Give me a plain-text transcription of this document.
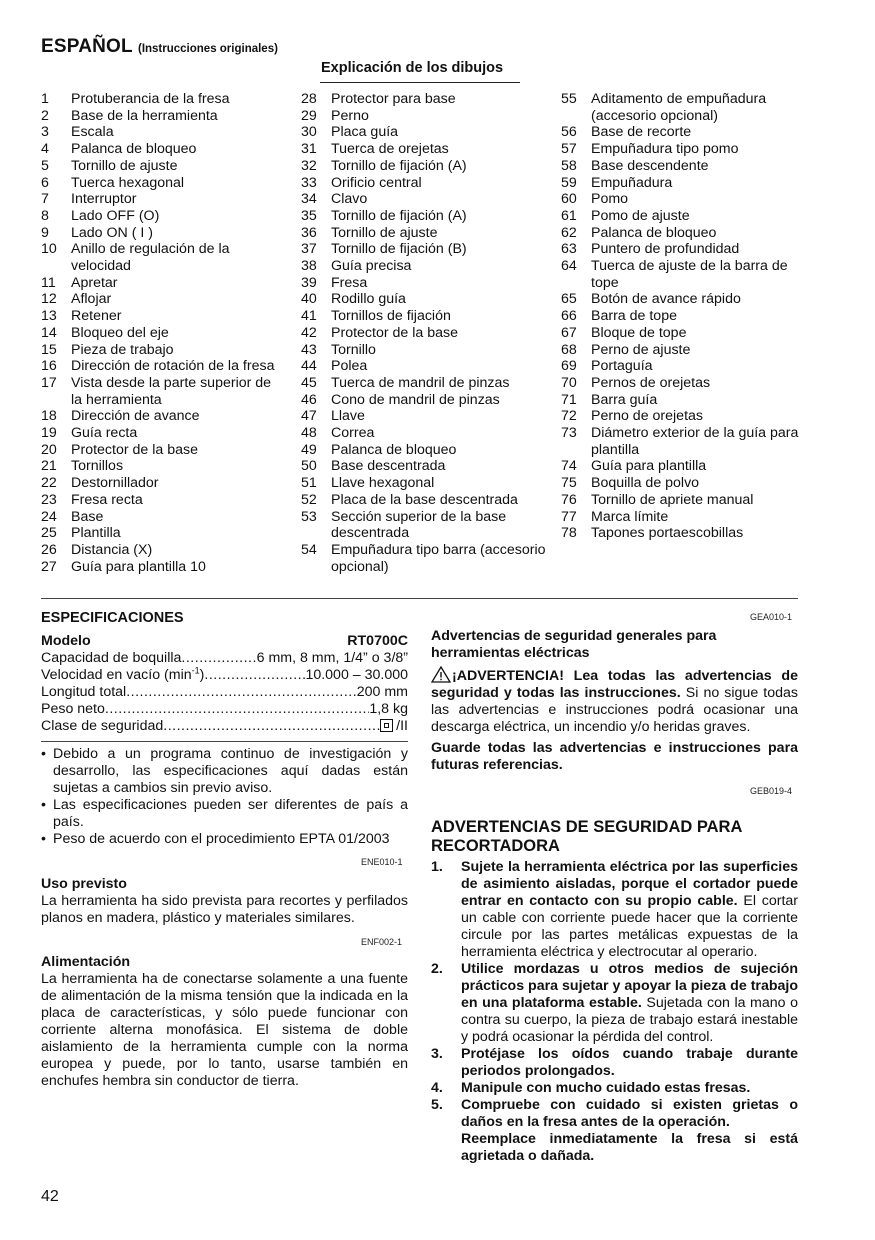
ESPAÑOL (Instrucciones originales)
Explicación de los dibujos
1	Protuberancia de la fresa
2	Base de la herramienta
3	Escala
4	Palanca de bloqueo
5	Tornillo de ajuste
6	Tuerca hexagonal
7	Interruptor
8	Lado OFF (O)
9	Lado ON ( I )
10	Anillo de regulación de la velocidad
11	Apretar
12	Aflojar
13	Retener
14	Bloqueo del eje
15	Pieza de trabajo
16	Dirección de rotación de la fresa
17	Vista desde la parte superior de la herramienta
18	Dirección de avance
19	Guía recta
20	Protector de la base
21	Tornillos
22	Destornillador
23	Fresa recta
24	Base
25	Plantilla
26	Distancia (X)
27	Guía para plantilla 10
28	Protector para base
29	Perno
30	Placa guía
31	Tuerca de orejetas
32	Tornillo de fijación (A)
33	Orificio central
34	Clavo
35	Tornillo de fijación (A)
36	Tornillo de ajuste
37	Tornillo de fijación (B)
38	Guía precisa
39	Fresa
40	Rodillo guía
41	Tornillos de fijación
42	Protector de la base
43	Tornillo
44	Polea
45	Tuerca de mandril de pinzas
46	Cono de mandril de pinzas
47	Llave
48	Correa
49	Palanca de bloqueo
50	Base descentrada
51	Llave hexagonal
52	Placa de la base descentrada
53	Sección superior de la base descentrada
54	Empuñadura tipo barra (accesorio opcional)
55	Aditamento de empuñadura (accesorio opcional)
56	Base de recorte
57	Empuñadura tipo pomo
58	Base descendente
59	Empuñadura
60	Pomo
61	Pomo de ajuste
62	Palanca de bloqueo
63	Puntero de profundidad
64	Tuerca de ajuste de la barra de tope
65	Botón de avance rápido
66	Barra de tope
67	Bloque de tope
68	Perno de ajuste
69	Portaguía
70	Pernos de orejetas
71	Barra guía
72	Perno de orejetas
73	Diámetro exterior de la guía para plantilla
74	Guía para plantilla
75	Boquilla de polvo
76	Tornillo de apriete manual
77	Marca límite
78	Tapones portaescobillas
ESPECIFICACIONES
Modelo	RT0700C
Capacidad de boquilla .....	6 mm, 8 mm, 1/4” o 3/8”
Velocidad en vacío $(\min^{-1})$ .....	10.000 – 30.000
Longitud total .....	200 mm
Peso neto .....	1,8 kg
Clase de seguridad .....	/II
• Debido a un programa continuo de investigación y desarrollo, las especificaciones aquí dadas están sujetas a cambios sin previo aviso.
• Las especificaciones pueden ser diferentes de país a país.
• Peso de acuerdo con el procedimiento EPTA 01/2003
ENE010-1
Uso previsto
La herramienta ha sido prevista para recortes y perfilados planos en madera, plástico y materiales similares.
ENF002-1
Alimentación
La herramienta ha de conectarse solamente a una fuente de alimentación de la misma tensión que la indicada en la placa de características, y sólo puede funcionar con corriente alterna monofásica. El sistema de doble aislamiento de la herramienta cumple con la norma europea y puede, por lo tanto, usarse también en enchufes hembra sin conductor de tierra.
GEA010-1
Advertencias de seguridad generales para herramientas eléctricas
¡ADVERTENCIA! Lea todas las advertencias de seguridad y todas las instrucciones. Si no sigue todas las advertencias e instrucciones podrá ocasionar una descarga eléctrica, un incendio y/o heridas graves.
Guarde todas las advertencias e instrucciones para futuras referencias.
GEB019-4
ADVERTENCIAS DE SEGURIDAD PARA RECORTADORA
1.	Sujete la herramienta eléctrica por las superficies de asimiento aisladas, porque el cortador puede entrar en contacto con su propio cable. El cortar un cable con corriente puede hacer que la corriente circule por las partes metálicas expuestas de la herramienta eléctrica y electrocutar al operario.
2.	Utilice mordazas u otros medios de sujeción prácticos para sujetar y apoyar la pieza de trabajo en una plataforma estable. Sujetada con la mano o contra su cuerpo, la pieza de trabajo estará inestable y podrá ocasionar la pérdida del control.
3.	Protéjase los oídos cuando trabaje durante periodos prolongados.
4.	Manipule con mucho cuidado estas fresas.
5.	Compruebe con cuidado si existen grietas o daños en la fresa antes de la operación.
Reemplace inmediatamente la fresa si está agrietada o dañada.
42
